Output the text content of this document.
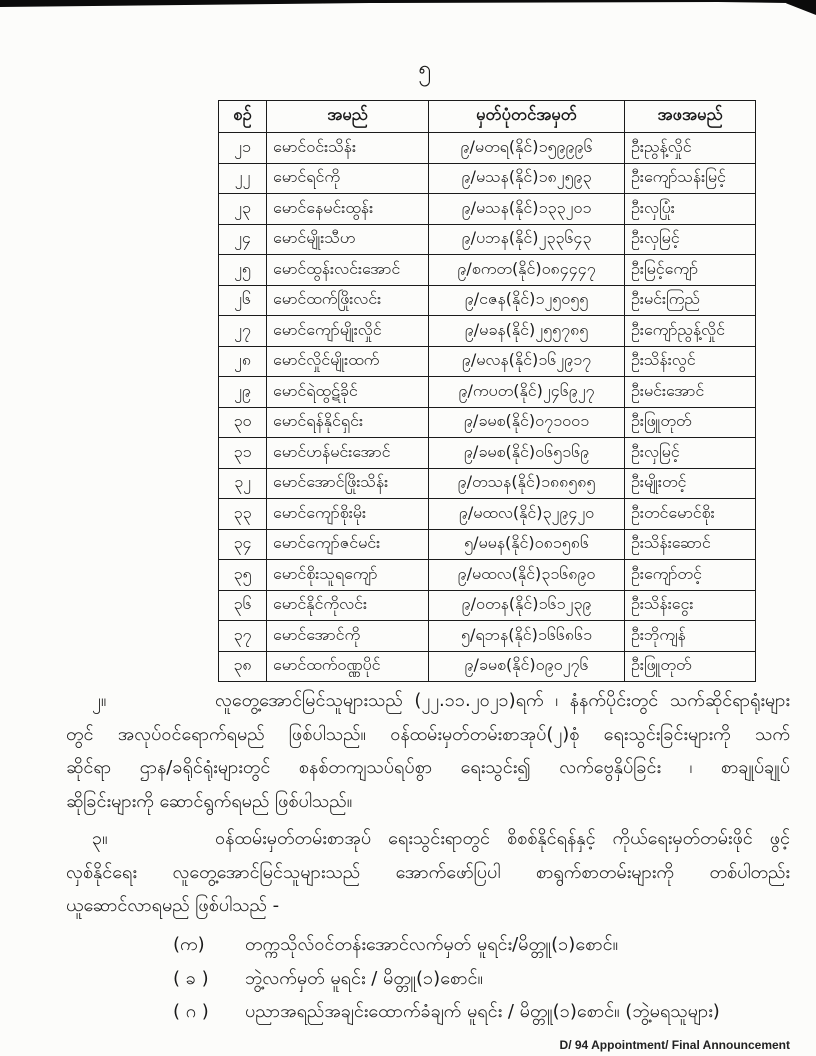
၅
စဉ်	အမည်	မှတ်ပုံတင်အမှတ်	အဖအမည်
၂၁	မောင်ဝင်းသိန်း	၉/မတရ(နိုင်)၁၅၉၉၉၆	ဦးညွန့်လှိုင်
၂၂	မောင်ရင်ကို	၉/မသန(နိုင်)၁၈၂၅၉၃	ဦးကျော်သန်းမြင့်
၂၃	မောင်နေမင်းထွန်း	၉/မသန(နိုင်)၁၃၃၂၀၁	ဦးလှပြုံး
၂၄	မောင်မျိုးသီဟ	၉/ပဘန(နိုင်)၂၃၃၆၄၃	ဦးလှမြင့်
၂၅	မောင်ထွန်းလင်းအောင်	၉/စကတ(နိုင်)ဝ၈၄၄၄၇	ဦးမြင့်ကျော်
၂၆	မောင်ထက်ဖြိုးလင်း	၉/ငဇန(နိုင်)၁၂၅၀၅၅	ဦးမင်းကြည်
၂၇	မောင်ကျော်မျိုးလှိုင်	၉/မခန(နိုင်)၂၅၅၇၈၅	ဦးကျော်ညွန့်လှိုင်
၂၈	မောင်လှိုင်မျိုးထက်	၉/မလန(နိုင်)၁၆၂၉၁၇	ဦးသိန်းလွင်
၂၉	မောင်ရဲထွဋ်ခိုင်	၉/ကပတ(နိုင်)၂၄၆၉၂၇	ဦးမင်းအောင်
၃၀	မောင်ရန်နိုင်ရှင်း	၉/ခမစ(နိုင်)ဝ၇၁၀၀၁	ဦးဖြူတုတ်
၃၁	မောင်ဟန်မင်းအောင်	၉/ခမစ(နိုင်)ဝ၆၅၁၆၉	ဦးလှမြင့်
၃၂	မောင်အောင်ဖြိုးသိန်း	၉/တသန(နိုင်)၁၈၈၅၈၅	ဦးမျိုးတင့်
၃၃	မောင်ကျော်စိုးမိုး	၉/မထလ(နိုင်)၃၂၉၄၂၀	ဦးတင်မောင်စိုး
၃၄	မောင်ကျော်ဇင်မင်း	၅/မမန(နိုင်)ဝ၈၁၅၈၆	ဦးသိန်းဆောင်
၃၅	မောင်စိုးသူရကျော်	၉/မထလ(နိုင်)၃၁၆၈၉၀	ဦးကျော်တင့်
၃၆	မောင်နိုင်ကိုလင်း	၉/ဝတန(နိုင်)၁၆၁၂၃၉	ဦးသိန်းငွေး
၃၇	မောင်အောင်ကို	၅/ရဘန(နိုင်)၁၆၆၈၆၁	ဦးဘိုကျန်
၃၈	မောင်ထက်ဝဏ္ဏပိုင်	၉/ခမစ(နိုင်)ဝ၉၀၂၇၆	ဦးဖြူတုတ်
၂။	လူတွေ့အောင်မြင်သူများသည် (၂၂.၁၁.၂၀၂၁)ရက် ၊ နံနက်ပိုင်းတွင် သက်ဆိုင်ရာရုံးများ
တွင် အလုပ်ဝင်ရောက်ရမည် ဖြစ်ပါသည်။ ဝန်ထမ်းမှတ်တမ်းစာအုပ်(၂)စုံ ရေးသွင်းခြင်းများကို သက်
ဆိုင်ရာ ဌာန/ခရိုင်ရုံးများတွင် စနစ်တကျသပ်ရပ်စွာ ရေးသွင်း၍ လက်ဗွေနှိပ်ခြင်း ၊ စာချုပ်ချုပ်
ဆိုခြင်းများကို ဆောင်ရွက်ရမည် ဖြစ်ပါသည်။
၃။	ဝန်ထမ်းမှတ်တမ်းစာအုပ် ရေးသွင်းရာတွင် စိစစ်နိုင်ရန်နှင့် ကိုယ်ရေးမှတ်တမ်းဖိုင် ဖွင့်
လှစ်နိုင်ရေး လူတွေ့အောင်မြင်သူများသည် အောက်ဖော်ပြပါ စာရွက်စာတမ်းများကို တစ်ပါတည်း
ယူဆောင်လာရမည် ဖြစ်ပါသည် -
(က)	တက္ကသိုလ်ဝင်တန်းအောင်လက်မှတ် မူရင်း/မိတ္တူ(၁)စောင်။
( ခ )	ဘွဲ့လက်မှတ် မူရင်း / မိတ္တူ(၁)စောင်။
( ဂ )	ပညာအရည်အချင်းထောက်ခံချက် မူရင်း / မိတ္တူ(၁)စောင်။ (ဘွဲ့မရသူများ)
D/ 94 Appointment/ Final Announcement
